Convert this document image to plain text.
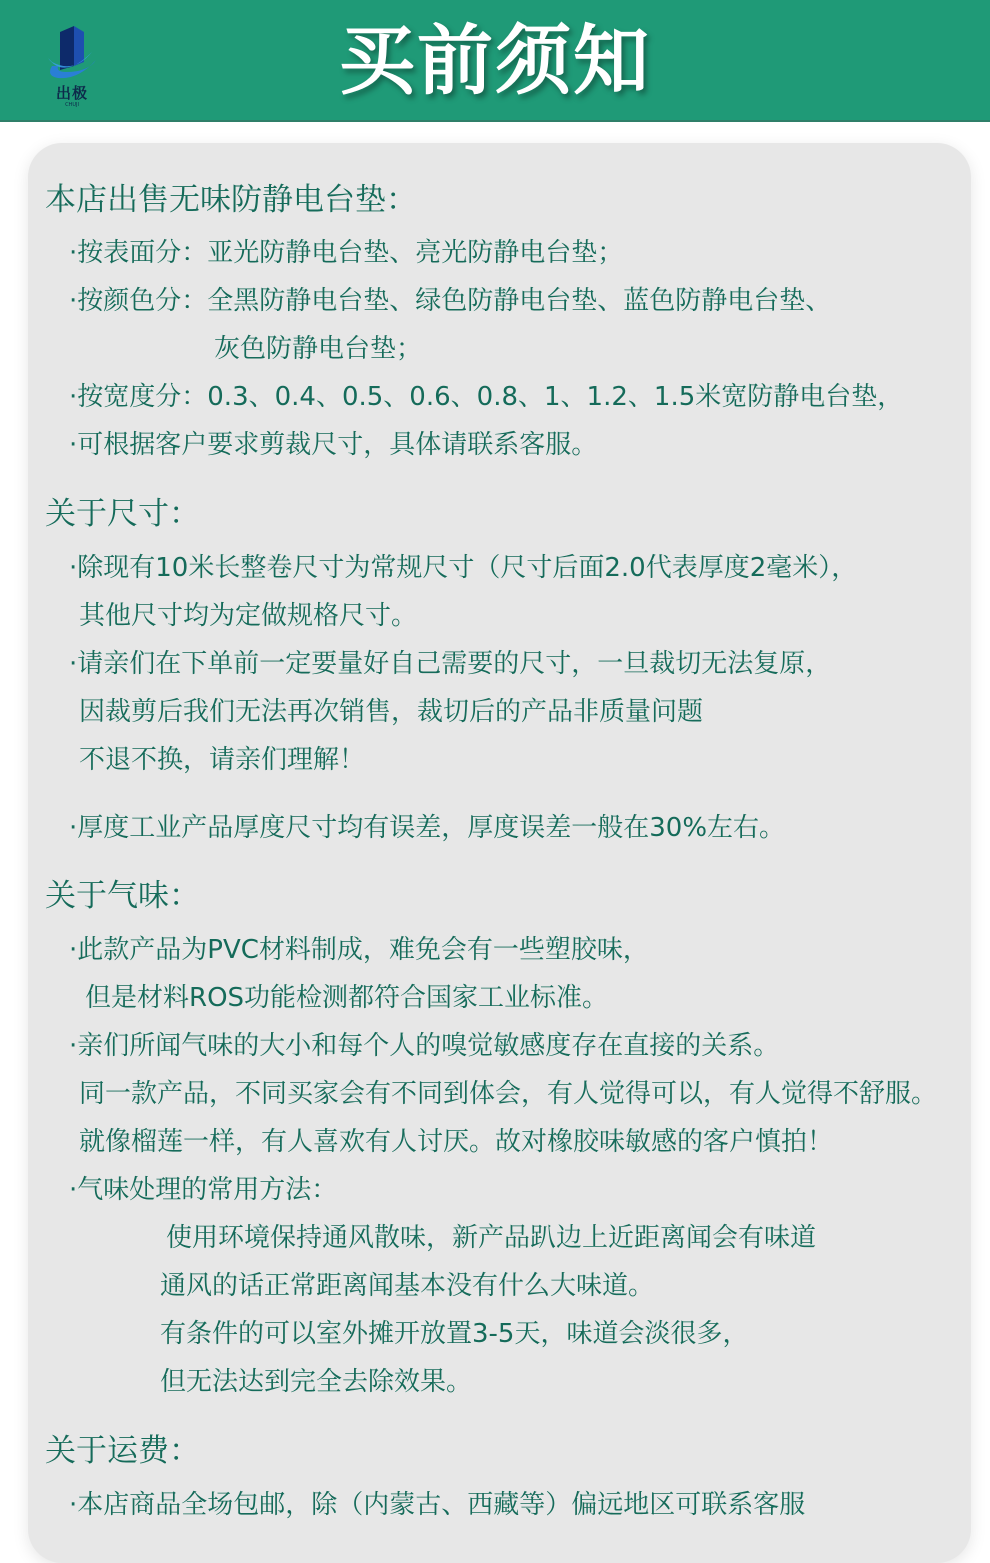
出极
CHUJI	买前须知
本店出售无味防静电台垫：
·按表面分：亚光防静电台垫、亮光防静电台垫；
·按颜色分：全黑防静电台垫、绿色防静电台垫、蓝色防静电台垫、
灰色防静电台垫；
·按宽度分：0.3、0.4、0.5、0.6、0.8、1、1.2、1.5米宽防静电台垫，
·可根据客户要求剪裁尺寸，具体请联系客服。
关于尺寸：
·除现有10米长整卷尺寸为常规尺寸（尺寸后面2.0代表厚度2毫米），
其他尺寸均为定做规格尺寸。
·请亲们在下单前一定要量好自己需要的尺寸，一旦裁切无法复原，
因裁剪后我们无法再次销售，裁切后的产品非质量问题
不退不换，请亲们理解！
·厚度工业产品厚度尺寸均有误差，厚度误差一般在30%左右。
关于气味：
·此款产品为PVC材料制成，难免会有一些塑胶味，
但是材料ROS功能检测都符合国家工业标准。
·亲们所闻气味的大小和每个人的嗅觉敏感度存在直接的关系。
同一款产品，不同买家会有不同到体会，有人觉得可以，有人觉得不舒服。
就像榴莲一样，有人喜欢有人讨厌。故对橡胶味敏感的客户慎拍！
·气味处理的常用方法：
使用环境保持通风散味，新产品趴边上近距离闻会有味道
通风的话正常距离闻基本没有什么大味道。
有条件的可以室外摊开放置3-5天，味道会淡很多，
但无法达到完全去除效果。
关于运费：
·本店商品全场包邮，除（内蒙古、西藏等）偏远地区可联系客服
